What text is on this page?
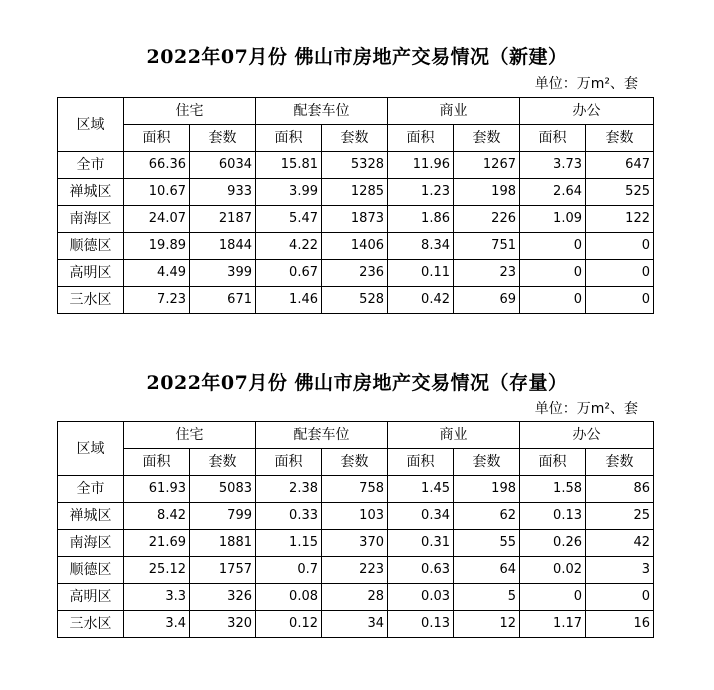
2022年07月份 佛山市房地产交易情况（新建）
单位：万m²、套
区域	住宅		配套车位		商业		办公	
	面积	套数	面积	套数	面积	套数	面积	套数
全市	66.36	6034	15.81	5328	11.96	1267	3.73	647
禅城区	10.67	933	3.99	1285	1.23	198	2.64	525
南海区	24.07	2187	5.47	1873	1.86	226	1.09	122
顺德区	19.89	1844	4.22	1406	8.34	751	0	0
高明区	4.49	399	0.67	236	0.11	23	0	0
三水区	7.23	671	1.46	528	0.42	69	0	0
2022年07月份 佛山市房地产交易情况（存量）
单位：万m²、套
区域	住宅		配套车位		商业		办公	
	面积	套数	面积	套数	面积	套数	面积	套数
全市	61.93	5083	2.38	758	1.45	198	1.58	86
禅城区	8.42	799	0.33	103	0.34	62	0.13	25
南海区	21.69	1881	1.15	370	0.31	55	0.26	42
顺德区	25.12	1757	0.7	223	0.63	64	0.02	3
高明区	3.3	326	0.08	28	0.03	5	0	0
三水区	3.4	320	0.12	34	0.13	12	1.17	16
